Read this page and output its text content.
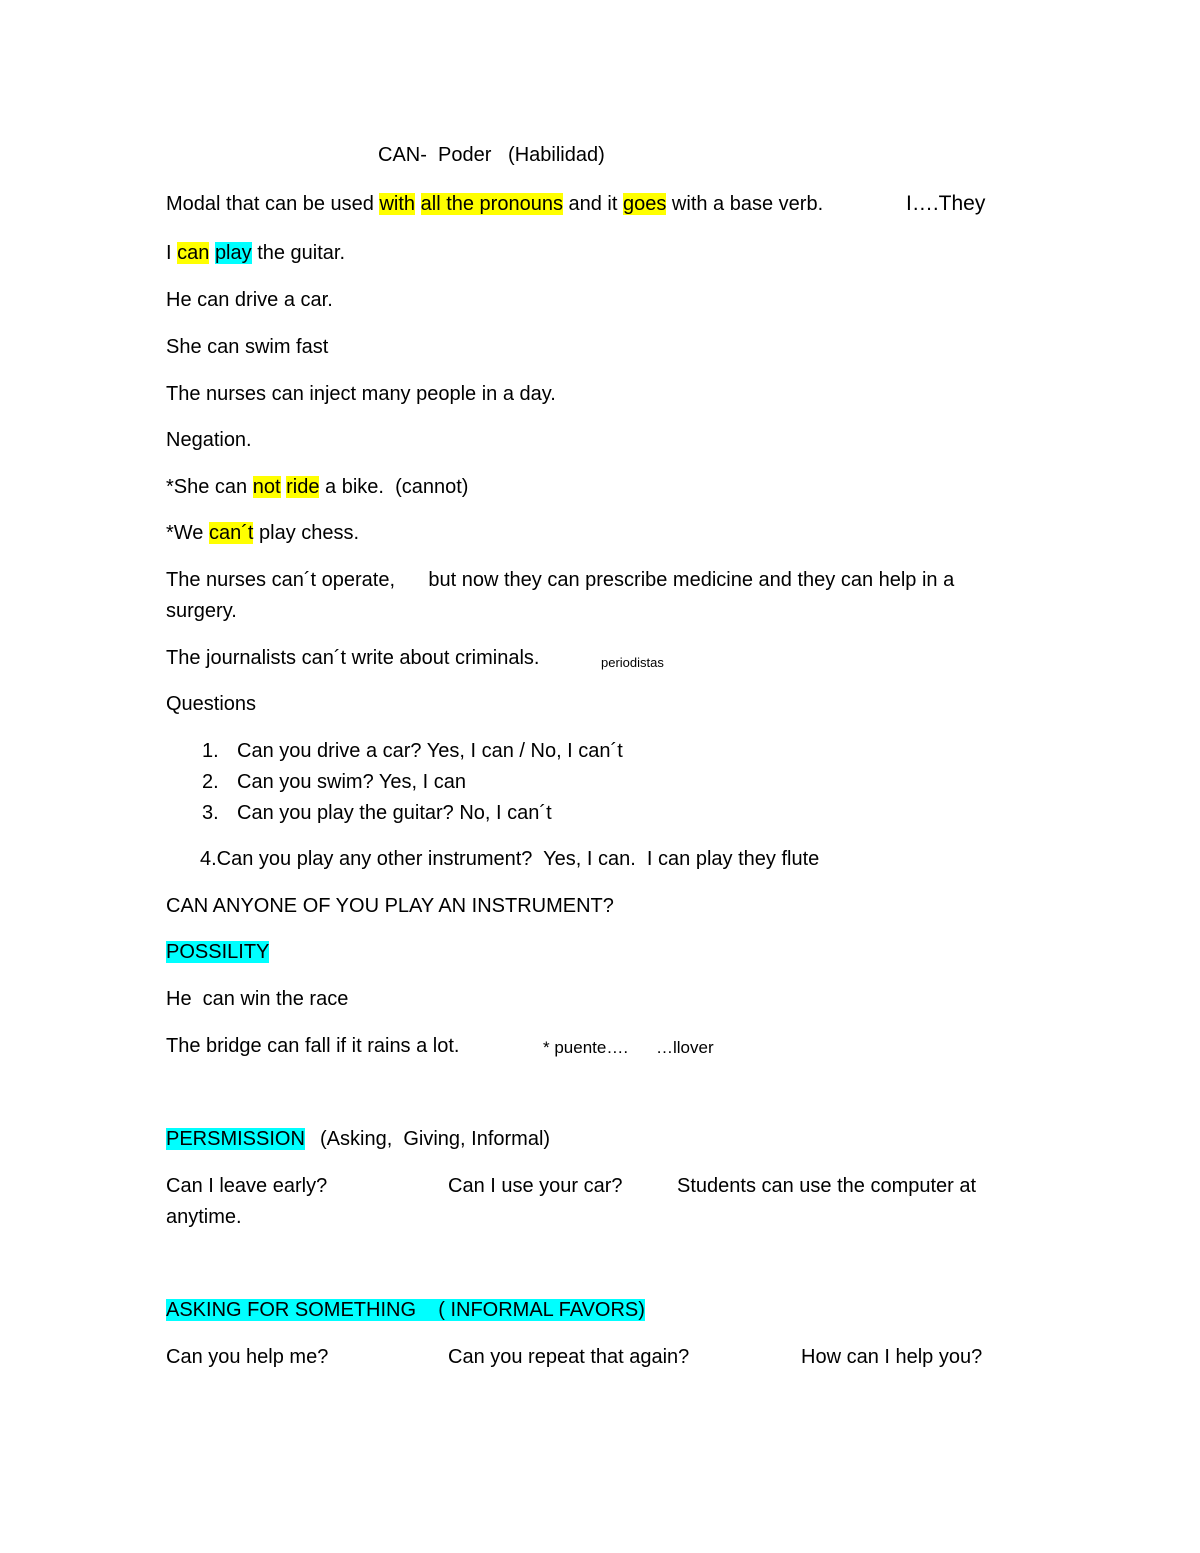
CAN-  Poder   (Habilidad)
Modal that can be used with all the pronouns and it goes with a base verb.	I….They
I can play the guitar.
He can drive a car.
She can swim fast
The nurses can inject many people in a day.
Negation.
*She can not ride a bike.  (cannot)
*We can´t play chess.
The nurses can´t operate,      but now they can prescribe medicine and they can help in a
surgery.
The journalists can´t write about criminals.	periodistas
Questions
1. Can you drive a car? Yes, I can / No, I can´t
2. Can you swim? Yes, I can
3. Can you play the guitar? No, I can´t
4.Can you play any other instrument?  Yes, I can.  I can play they flute
CAN ANYONE OF YOU PLAY AN INSTRUMENT?
POSSILITY
He  can win the race
The bridge can fall if it rains a lot.	* puente…. …llover
PERSMISSION (Asking,  Giving, Informal)
Can I leave early?	Can I use your car?	Students can use the computer at
anytime.
ASKING FOR SOMETHING    ( INFORMAL FAVORS)
Can you help me?	Can you repeat that again?	How can I help you?
